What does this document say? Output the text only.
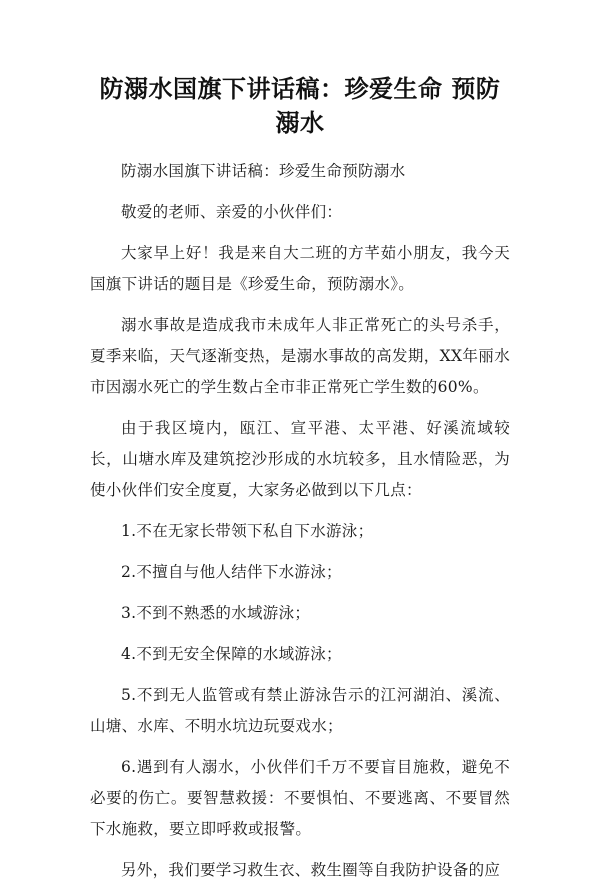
防溺水国旗下讲话稿：珍爱生命 预防溺水

防溺水国旗下讲话稿：珍爱生命预防溺水

敬爱的老师、亲爱的小伙伴们：

大家早上好！我是来自大二班的方芊茹小朋友，我今天国旗下讲话的题目是《珍爱生命，预防溺水》。

溺水事故是造成我市未成年人非正常死亡的头号杀手，夏季来临，天气逐渐变热，是溺水事故的高发期，XX年丽水市因溺水死亡的学生数占全市非正常死亡学生数的60%。

由于我区境内，瓯江、宣平港、太平港、好溪流域较长，山塘水库及建筑挖沙形成的水坑较多，且水情险恶，为使小伙伴们安全度夏，大家务必做到以下几点：

1.不在无家长带领下私自下水游泳；

2.不擅自与他人结伴下水游泳；

3.不到不熟悉的水域游泳；

4.不到无安全保障的水域游泳；

5.不到无人监管或有禁止游泳告示的江河湖泊、溪流、山塘、水库、不明水坑边玩耍戏水；

6.遇到有人溺水，小伙伴们千万不要盲目施救，避免不必要的伤亡。要智慧救援：不要惧怕、不要逃离、不要冒然下水施救，要立即呼救或报警。

另外，我们要学习救生衣、救生圈等自我防护设备的应
